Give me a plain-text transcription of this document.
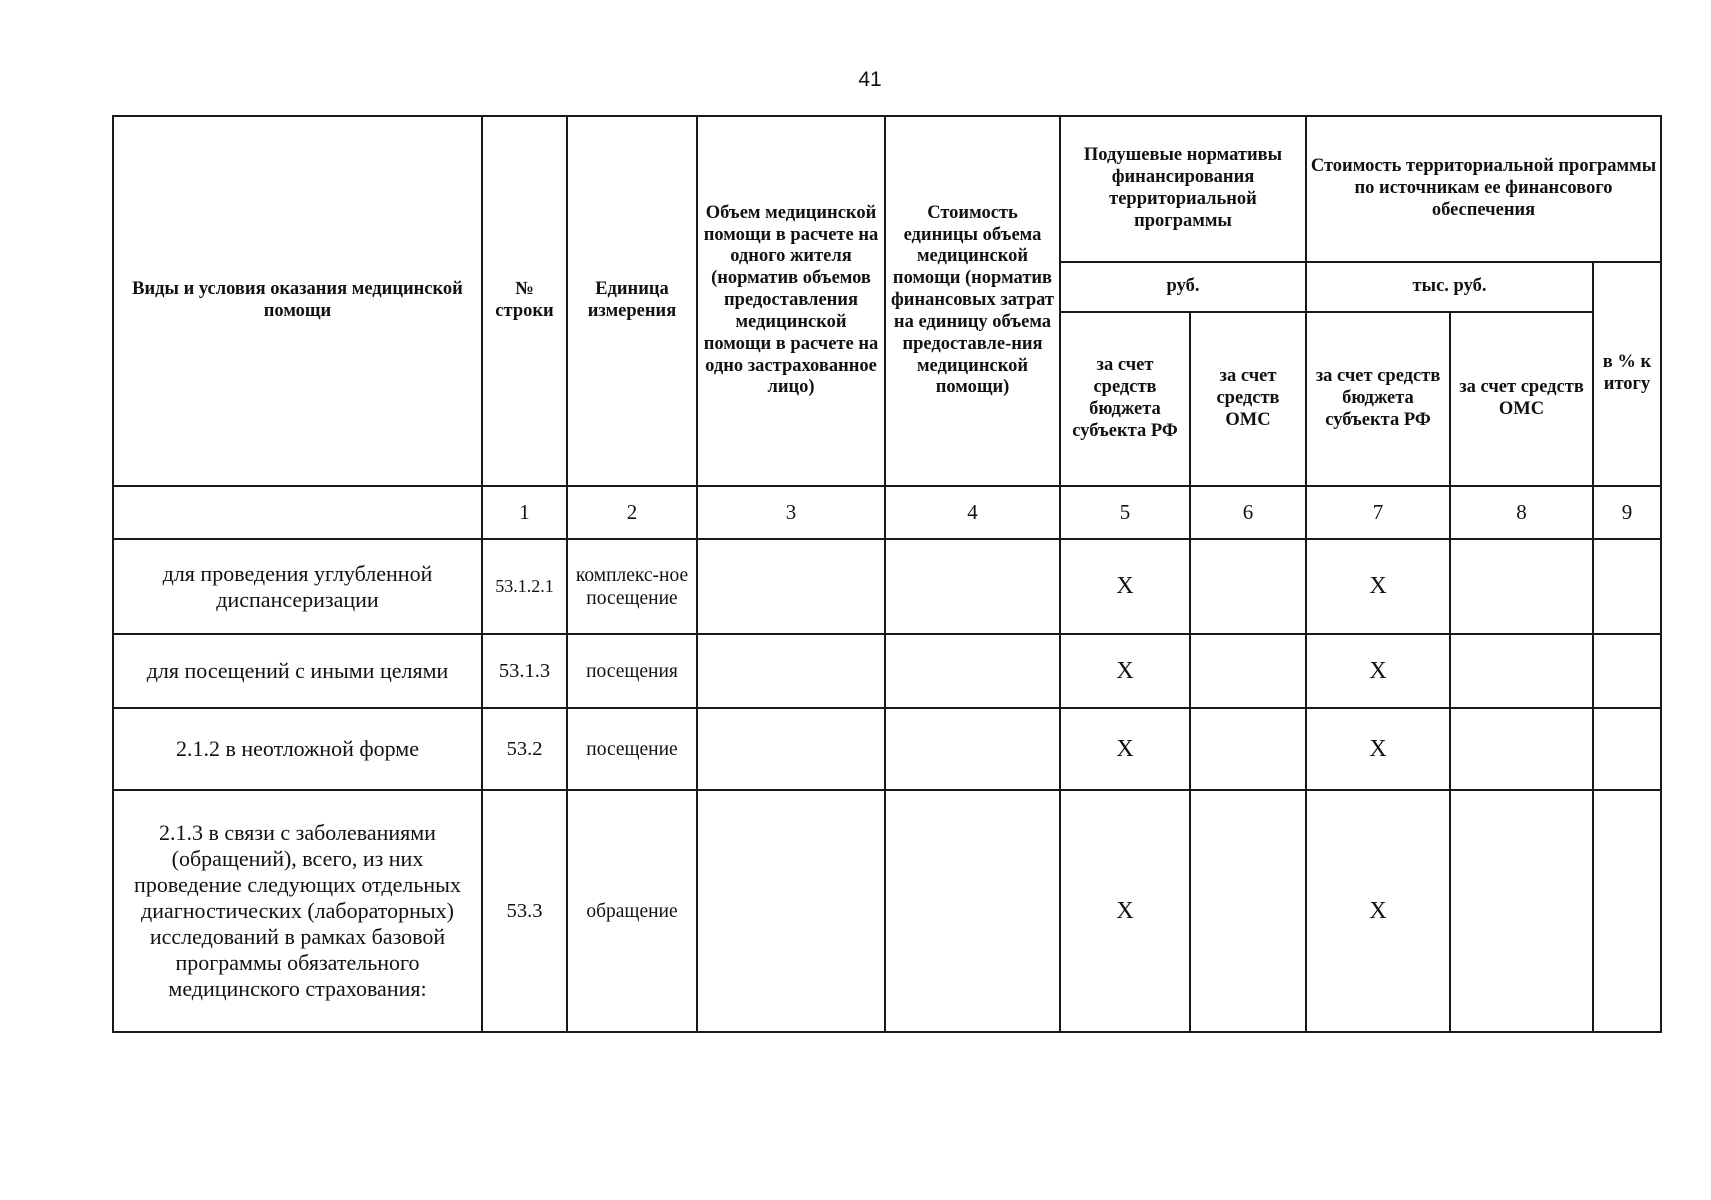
41
Виды и условия оказания медицинской помощи	№ строки	Единица измерения	Объем медицинской помощи в расчете на одного жителя (норматив объемов предоставления медицинской помощи в расчете на одно застрахованное лицо)	Стоимость единицы объема медицинской помощи (норматив финансовых затрат на единицу объема предоставле-ния медицинской помощи)	Подушевые нормативы финансирования территориальной программы		Стоимость территориальной программы по источникам ее финансового обеспечения		
					руб.		тыс. руб.		в % к итогу
					за счет средств бюджета субъекта РФ	за счет средств ОМС	за счет средств бюджета субъекта РФ	за счет средств ОМС	
	1	2	3	4	5	6	7	8	9
для проведения углубленной диспансеризации	53.1.2.1	комплекс-ное посещение			X		X		
для посещений с иными целями	53.1.3	посещения			X		X		
2.1.2 в неотложной форме	53.2	посещение			X		X		
2.1.3 в связи с заболеваниями (обращений), всего, из них проведение следующих отдельных диагностических (лабораторных) исследований в рамках базовой программы обязательного медицинского страхования:	53.3	обращение			X		X		
